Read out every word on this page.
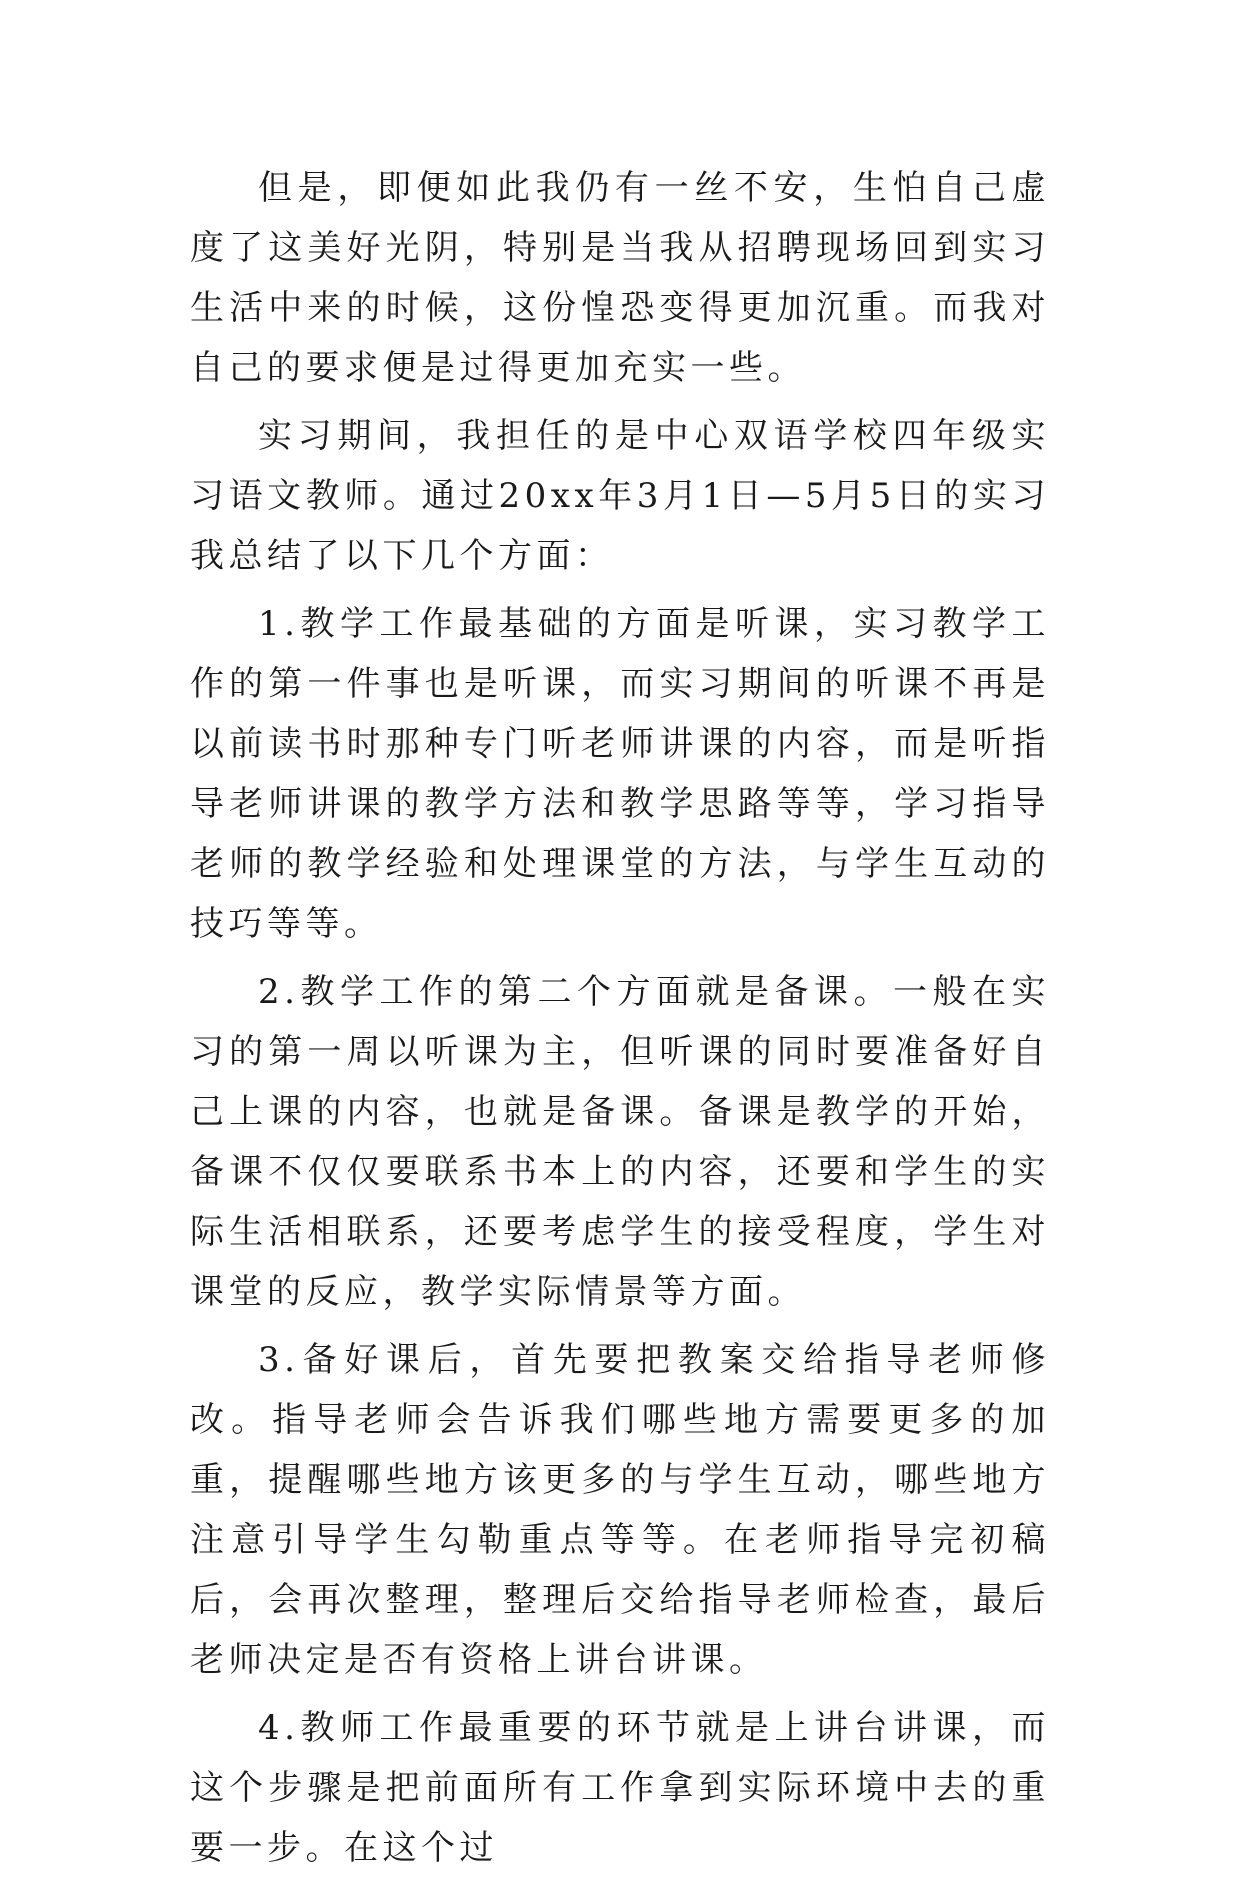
但是，即便如此我仍有一丝不安，生怕自己虚度了这美好光阴，特别是当我从招聘现场回到实习生活中来的时候，这份惶恐变得更加沉重。而我对自己的要求便是过得更加充实一些。

实习期间，我担任的是中心双语学校四年级实习语文教师。通过20xx年3月1日—5月5日的实习我总结了以下几个方面：

1.教学工作最基础的方面是听课，实习教学工作的第一件事也是听课，而实习期间的听课不再是以前读书时那种专门听老师讲课的内容，而是听指导老师讲课的教学方法和教学思路等等，学习指导老师的教学经验和处理课堂的方法，与学生互动的技巧等等。

2.教学工作的第二个方面就是备课。一般在实习的第一周以听课为主，但听课的同时要准备好自己上课的内容，也就是备课。备课是教学的开始，备课不仅仅要联系书本上的内容，还要和学生的实际生活相联系，还要考虑学生的接受程度，学生对课堂的反应，教学实际情景等方面。

3.备好课后，首先要把教案交给指导老师修改。指导老师会告诉我们哪些地方需要更多的加重，提醒哪些地方该更多的与学生互动，哪些地方注意引导学生勾勒重点等等。在老师指导完初稿后，会再次整理，整理后交给指导老师检查，最后老师决定是否有资格上讲台讲课。

4.教师工作最重要的环节就是上讲台讲课，而这个步骤是把前面所有工作拿到实际环境中去的重要一步。在这个过
